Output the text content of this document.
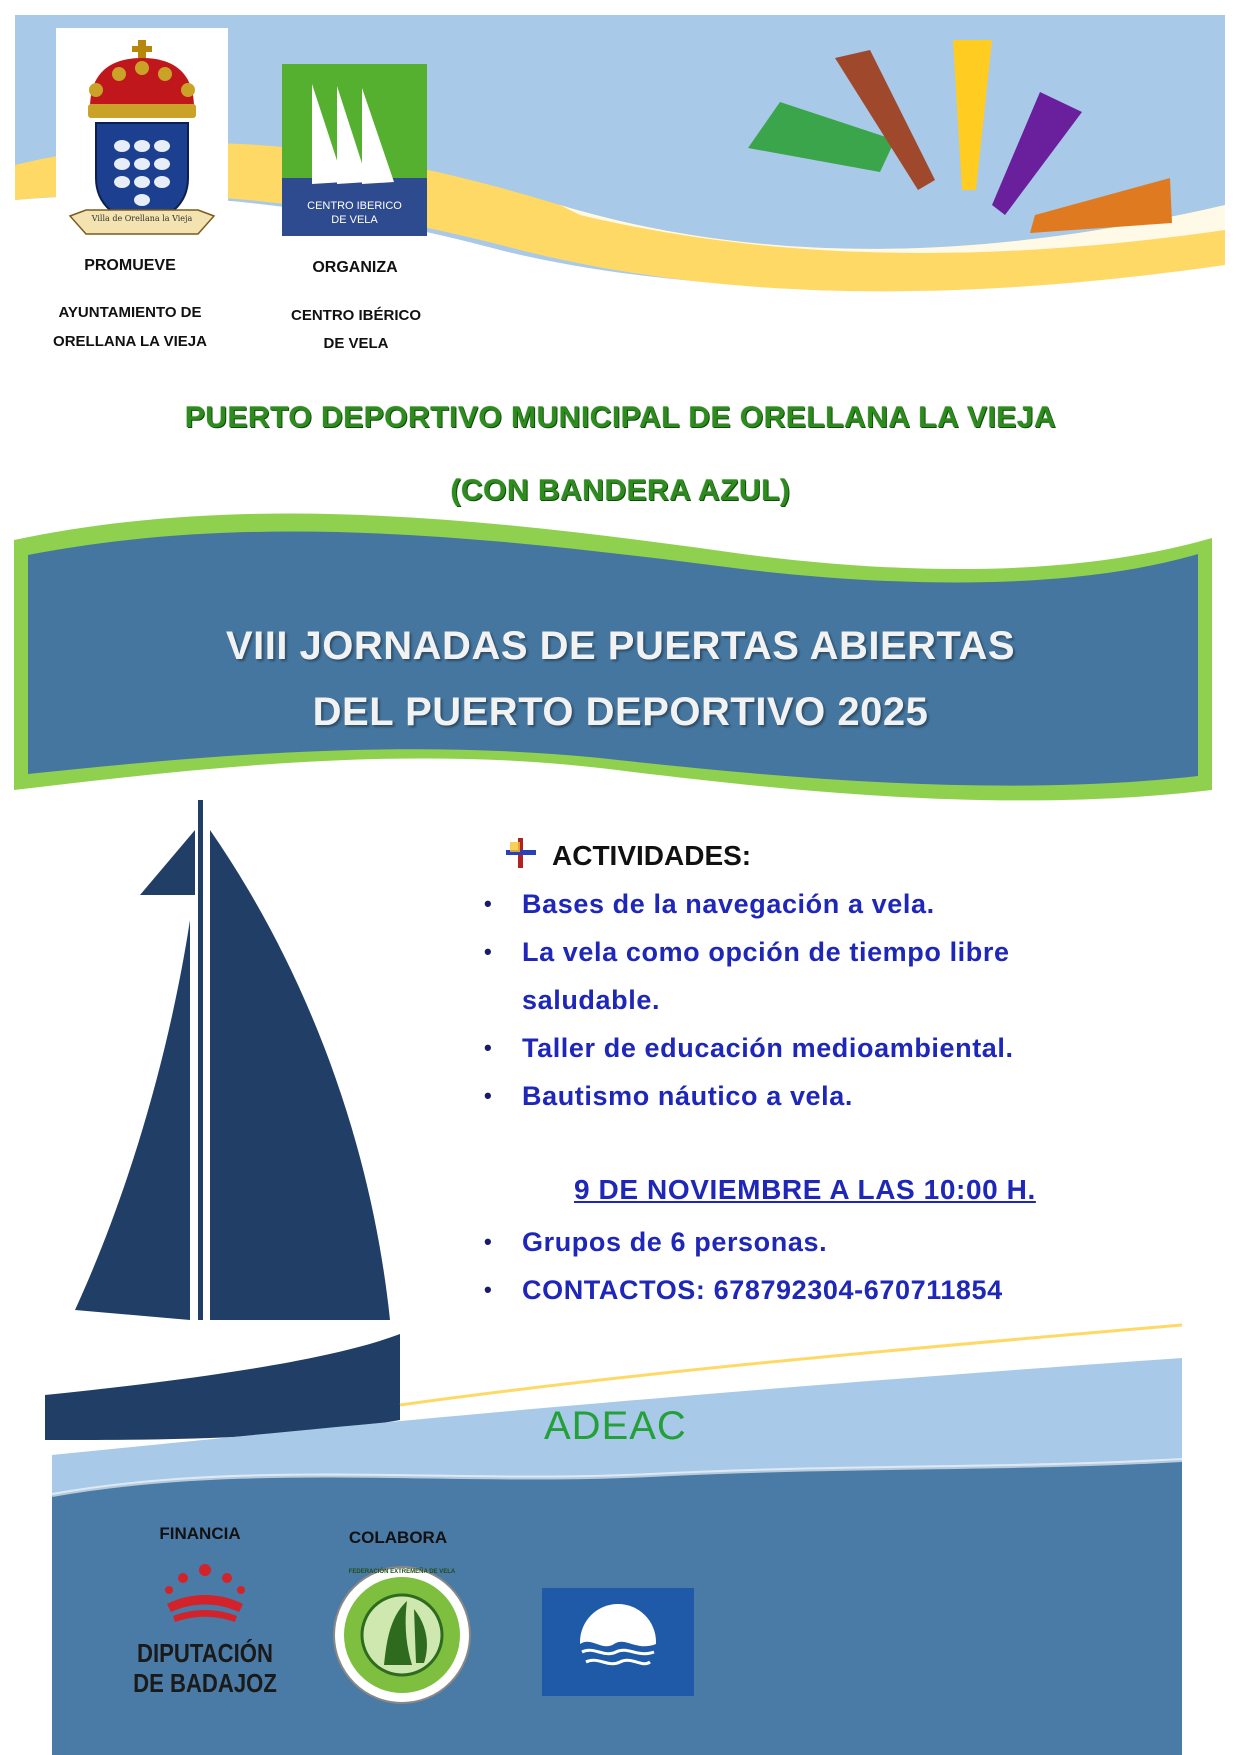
Villa de Orellana la Vieja
CENTRO IBERICO
DE VELA
PROMUEVE
AYUNTAMIENTO DE
ORELLANA LA VIEJA
ORGANIZA
CENTRO IBÉRICO
DE VELA
PUERTO DEPORTIVO MUNICIPAL DE ORELLANA LA VIEJA
(CON BANDERA AZUL)
VIII JORNADAS DE PUERTAS ABIERTAS
DEL PUERTO DEPORTIVO 2025
ACTIVIDADES:
• Bases de la navegación a vela.
• La vela como opción de tiempo libre
saludable.
• Taller de educación medioambiental.
• Bautismo náutico a vela.
9 DE NOVIEMBRE A LAS 10:00 H.
• Grupos de 6 personas.
• CONTACTOS: 678792304-670711854
ADEAC
FINANCIA	COLABORA
DIPUTACIÓN
DE BADAJOZ
FEDERACIÓN EXTREMEÑA DE VELA
